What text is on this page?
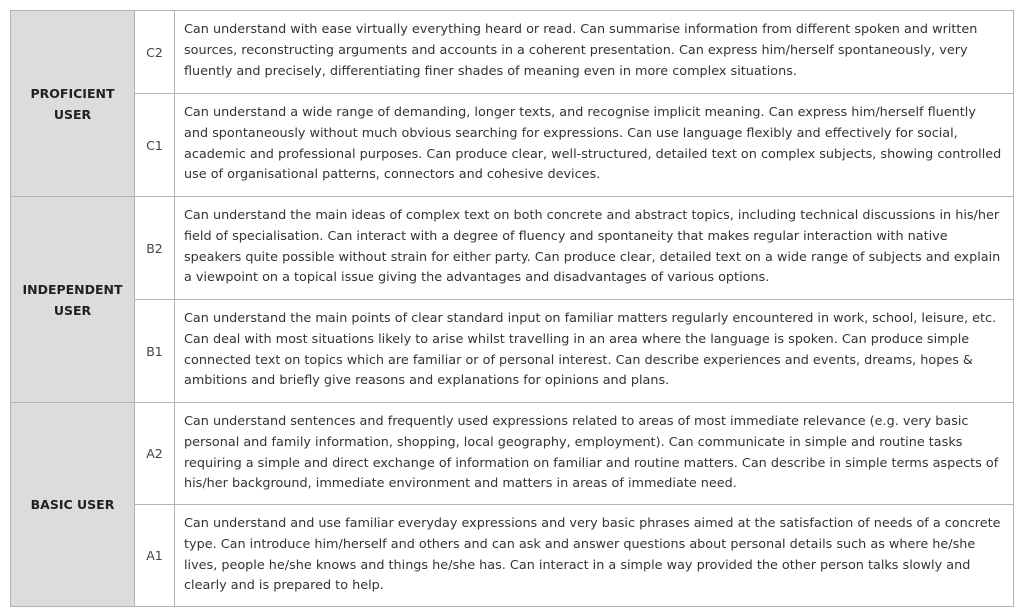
PROFICIENT USER	C2	Can understand with ease virtually everything heard or read. Can summarise information from different spoken and written sources, reconstructing arguments and accounts in a coherent presentation. Can express him/herself spontaneously, very fluently and precisely, differentiating finer shades of meaning even in more complex situations.
	C1	Can understand a wide range of demanding, longer texts, and recognise implicit meaning. Can express him/herself fluently and spontaneously without much obvious searching for expressions. Can use language flexibly and effectively for social, academic and professional purposes. Can produce clear, well-structured, detailed text on complex subjects, showing controlled use of organisational patterns, connectors and cohesive devices.
INDEPENDENT USER	B2	Can understand the main ideas of complex text on both concrete and abstract topics, including technical discussions in his/her field of specialisation. Can interact with a degree of fluency and spontaneity that makes regular interaction with native speakers quite possible without strain for either party. Can produce clear, detailed text on a wide range of subjects and explain a viewpoint on a topical issue giving the advantages and disadvantages of various options.
	B1	Can understand the main points of clear standard input on familiar matters regularly encountered in work, school, leisure, etc. Can deal with most situations likely to arise whilst travelling in an area where the language is spoken. Can produce simple connected text on topics which are familiar or of personal interest. Can describe experiences and events, dreams, hopes & ambitions and briefly give reasons and explanations for opinions and plans.
BASIC USER	A2	Can understand sentences and frequently used expressions related to areas of most immediate relevance (e.g. very basic personal and family information, shopping, local geography, employment). Can communicate in simple and routine tasks requiring a simple and direct exchange of information on familiar and routine matters. Can describe in simple terms aspects of his/her background, immediate environment and matters in areas of immediate need.
	A1	Can understand and use familiar everyday expressions and very basic phrases aimed at the satisfaction of needs of a concrete type. Can introduce him/herself and others and can ask and answer questions about personal details such as where he/she lives, people he/she knows and things he/she has. Can interact in a simple way provided the other person talks slowly and clearly and is prepared to help.
